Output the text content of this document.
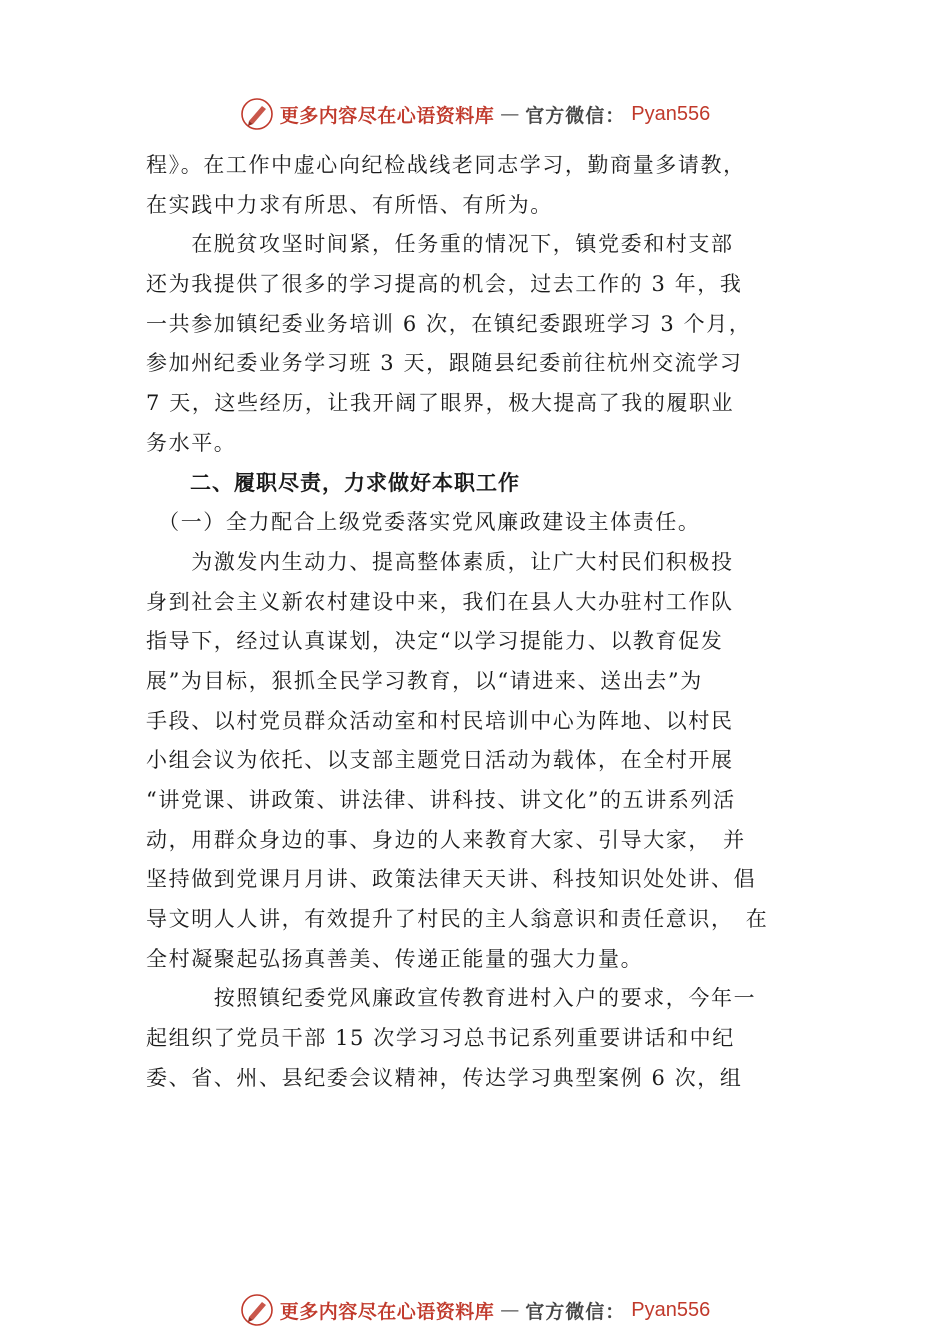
更多内容尽在心语资料库 — 官方微信： Pyan556
程》。在工作中虚心向纪检战线老同志学习，勤商量多请教，
在实践中力求有所思、有所悟、有所为。
　　在脱贫攻坚时间紧，任务重的情况下，镇党委和村支部
还为我提供了很多的学习提高的机会，过去工作的 3 年，我
一共参加镇纪委业务培训 6 次，在镇纪委跟班学习 3 个月，
参加州纪委业务学习班 3 天，跟随县纪委前往杭州交流学习
7 天，这些经历，让我开阔了眼界，极大提高了我的履职业
务水平。
　　二、履职尽责，力求做好本职工作
　（一）全力配合上级党委落实党风廉政建设主体责任。
　　为激发内生动力、提高整体素质，让广大村民们积极投
身到社会主义新农村建设中来，我们在县人大办驻村工作队
指导下，经过认真谋划，决定“以学习提能力、以教育促发
展”为目标，狠抓全民学习教育，以“请进来、送出去”为
手段、以村党员群众活动室和村民培训中心为阵地、以村民
小组会议为依托、以支部主题党日活动为载体，在全村开展
“讲党课、讲政策、讲法律、讲科技、讲文化”的五讲系列活
动，用群众身边的事、身边的人来教育大家、引导大家，　并
坚持做到党课月月讲、政策法律天天讲、科技知识处处讲、倡
导文明人人讲，有效提升了村民的主人翁意识和责任意识，　在
全村凝聚起弘扬真善美、传递正能量的强大力量。
　　　按照镇纪委党风廉政宣传教育进村入户的要求，今年一
起组织了党员干部 15 次学习习总书记系列重要讲话和中纪
委、省、州、县纪委会议精神，传达学习典型案例 6 次，组
更多内容尽在心语资料库 — 官方微信： Pyan556
